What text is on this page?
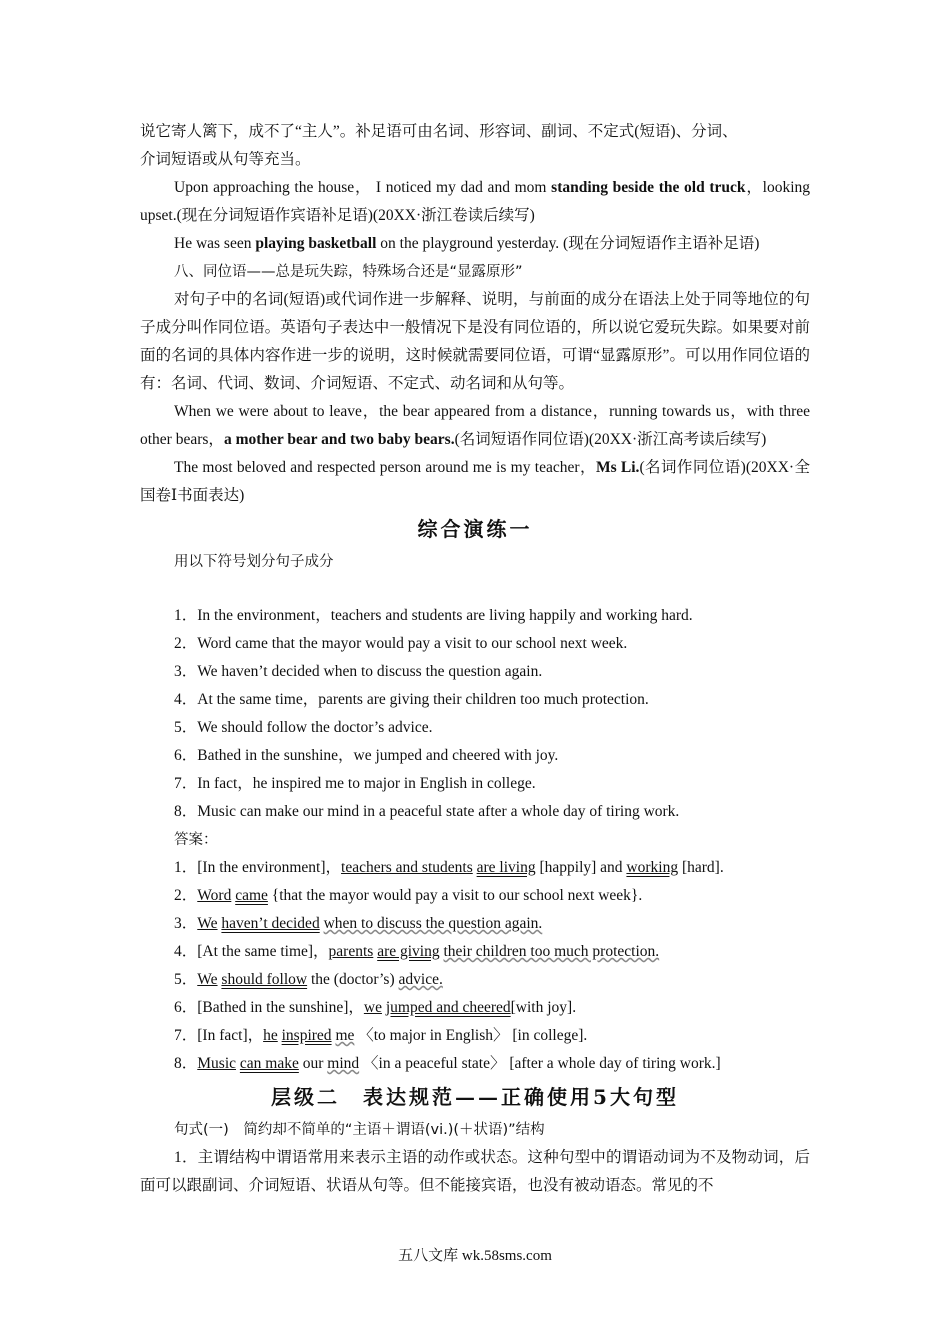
说它寄人篱下，成不了“主人”。补足语可由名词、形容词、副词、不定式(短语)、分词、

介词短语或从句等充当。

Upon approaching the house， I noticed my dad and mom standing beside the old truck，looking upset.(现在分词短语作宾语补足语)(20XX·浙江卷读后续写)

He was seen playing basketball on the playground yesterday. (现在分词短语作主语补足语)

八、同位语——总是玩失踪，特殊场合还是“显露原形”

对句子中的名词(短语)或代词作进一步解释、说明，与前面的成分在语法上处于同等地位的句子成分叫作同位语。英语句子表达中一般情况下是没有同位语的，所以说它爱玩失踪。如果要对前面的名词的具体内容作进一步的说明，这时候就需要同位语，可谓“显露原形”。可以用作同位语的有：名词、代词、数词、介词短语、不定式、动名词和从句等。

When we were about to leave，the bear appeared from a distance，running towards us，with three other bears，a mother bear and two baby bears.(名词短语作同位语)(20XX·浙江高考读后续写)

The most beloved and respected person around me is my teacher，Ms Li.(名词作同位语)(20XX·全国卷Ⅰ书面表达)

综合演练一

用以下符号划分句子成分

1．In the environment，teachers and students are living happily and working hard.
2．Word came that the mayor would pay a visit to our school next week.
3．We haven’t decided when to discuss the question again.
4．At the same time，parents are giving their children too much protection.
5．We should follow the doctor’s advice.
6．Bathed in the sunshine，we jumped and cheered with joy.
7．In fact，he inspired me to major in English in college.
8．Music can make our mind in a peaceful state after a whole day of tiring work.
答案：
1．[In the environment]，teachers and students are living [happily] and working [hard].
2．Word came {that the mayor would pay a visit to our school next week}.
3．We haven’t decided when to discuss the question again.
4．[At the same time]，parents are giving their children too much protection.
5．We should follow the (doctor’s) advice.
6．[Bathed in the sunshine]，we jumped and cheered[with joy].
7．[In fact]，he inspired me 〈to major in English〉 [in college].
8．Music can make our mind 〈in a peaceful state〉 [after a whole day of tiring work.]
层级二　表达规范——正确使用5大句型

句式(一)　简约却不简单的“主语＋谓语(vi.)(＋状语)”结构

1．主谓结构中谓语常用来表示主语的动作或状态。这种句型中的谓语动词为不及物动词，后面可以跟副词、介词短语、状语从句等。但不能接宾语，也没有被动语态。常见的不

五八文库 wk.58sms.com
